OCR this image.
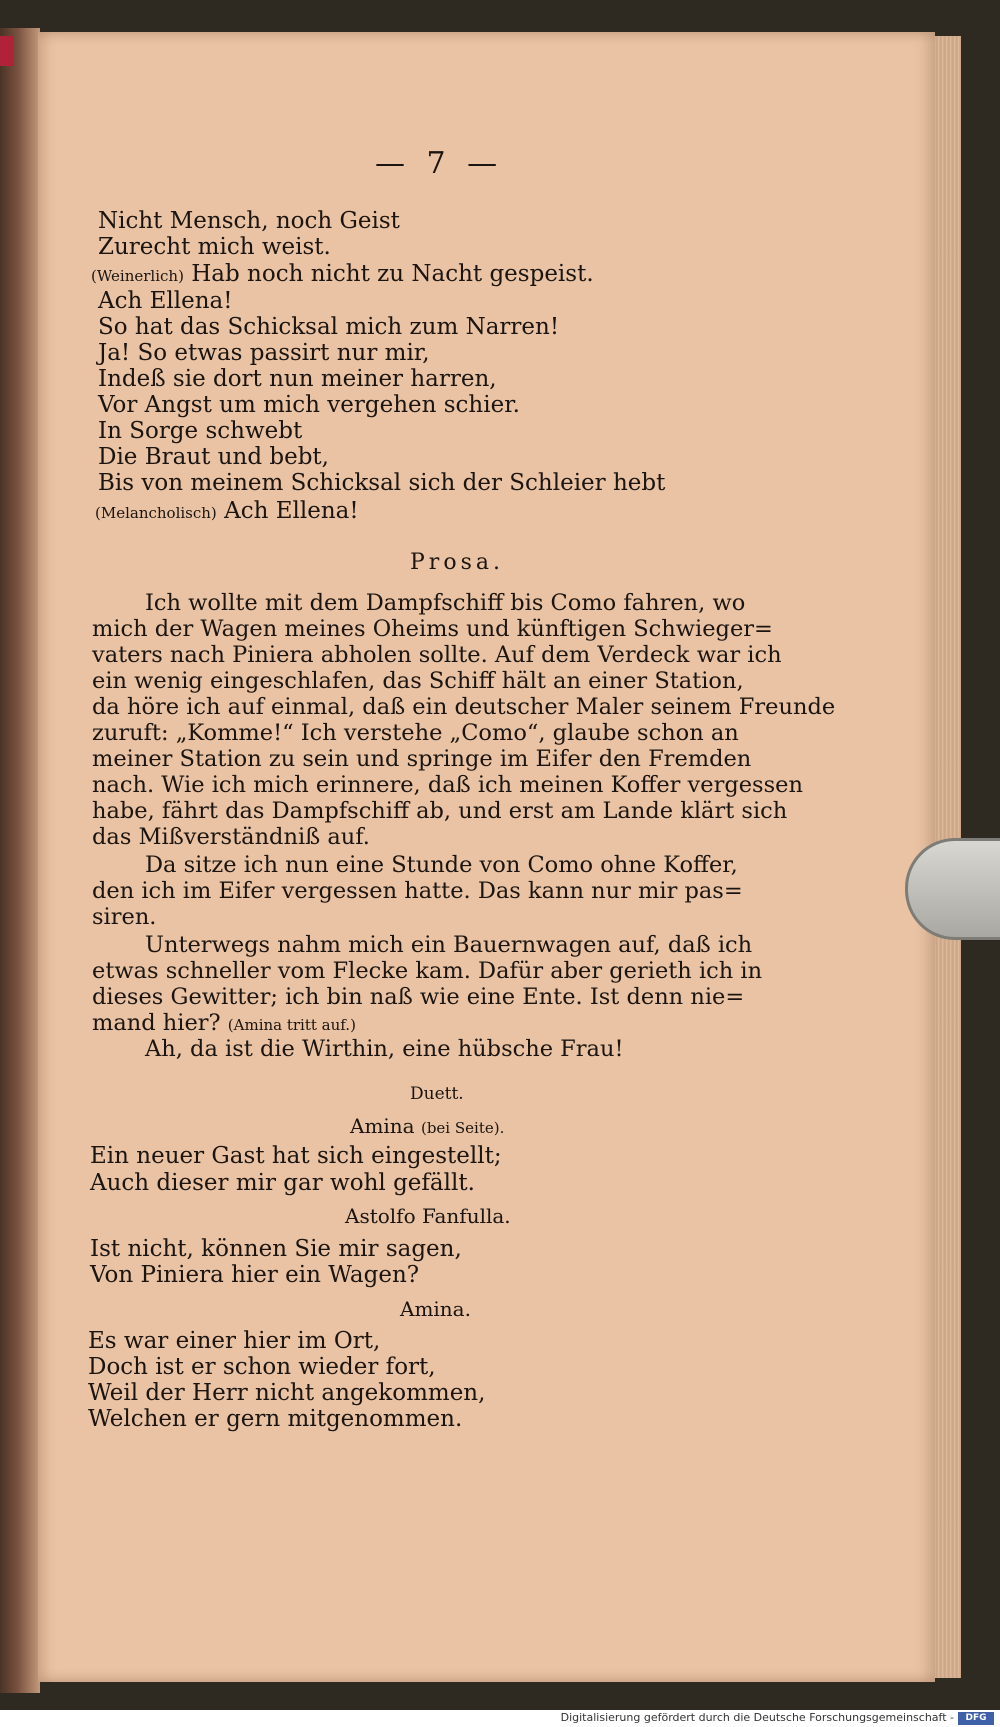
— 7 —
Nicht Mensch, noch Geist
Zurecht mich weist.
(Weinerlich) Hab noch nicht zu Nacht gespeist.
Ach Ellena!
So hat das Schicksal mich zum Narren!
Ja! So etwas passirt nur mir,
Indeß sie dort nun meiner harren,
Vor Angst um mich vergehen schier.
In Sorge schwebt
Die Braut und bebt,
Bis von meinem Schicksal sich der Schleier hebt
(Melancholisch) Ach Ellena!
Prosa.
Ich wollte mit dem Dampfschiff bis Como fahren, wo
mich der Wagen meines Oheims und künftigen Schwieger=
vaters nach Piniera abholen sollte. Auf dem Verdeck war ich
ein wenig eingeschlafen, das Schiff hält an einer Station,
da höre ich auf einmal, daß ein deutscher Maler seinem Freunde
zuruft: „Komme!“ Ich verstehe „Como“, glaube schon an
meiner Station zu sein und springe im Eifer den Fremden
nach. Wie ich mich erinnere, daß ich meinen Koffer vergessen
habe, fährt das Dampfschiff ab, und erst am Lande klärt sich
das Mißverständniß auf.
Da sitze ich nun eine Stunde von Como ohne Koffer,
den ich im Eifer vergessen hatte. Das kann nur mir pas=
siren.
Unterwegs nahm mich ein Bauernwagen auf, daß ich
etwas schneller vom Flecke kam. Dafür aber gerieth ich in
dieses Gewitter; ich bin naß wie eine Ente. Ist denn nie=
mand hier? (Amina tritt auf.)
Ah, da ist die Wirthin, eine hübsche Frau!
Duett.
Amina (bei Seite).
Ein neuer Gast hat sich eingestellt;
Auch dieser mir gar wohl gefällt.
Astolfo Fanfulla.
Ist nicht, können Sie mir sagen,
Von Piniera hier ein Wagen?
Amina.
Es war einer hier im Ort,
Doch ist er schon wieder fort,
Weil der Herr nicht angekommen,
Welchen er gern mitgenommen.
Digitalisierung gefördert durch die Deutsche Forschungsgemeinschaft -	DFG
